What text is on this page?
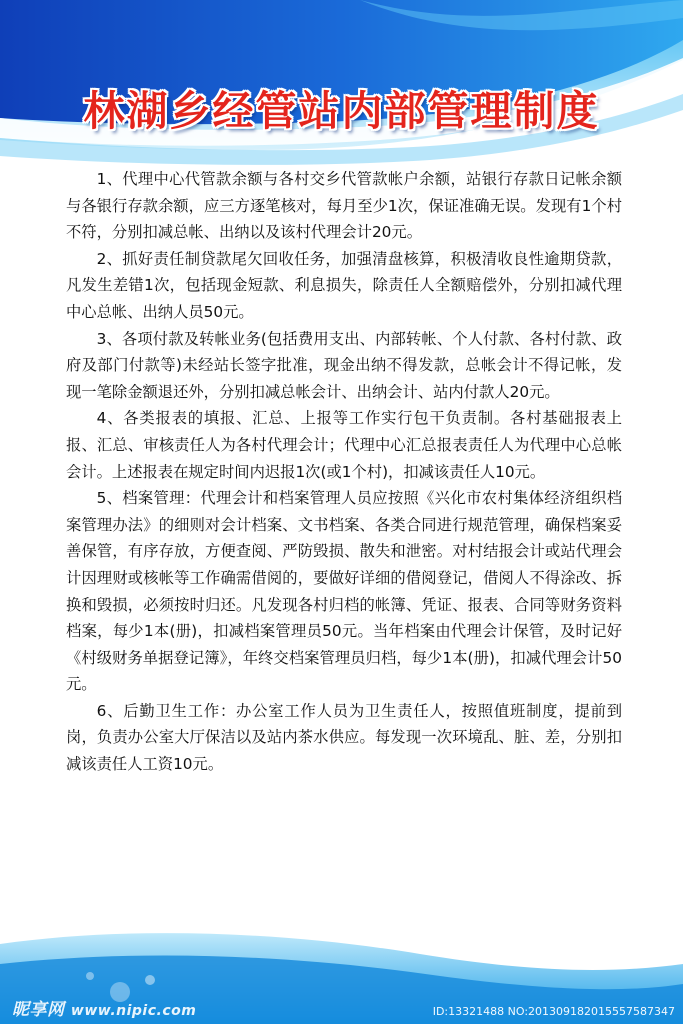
林湖乡经管站内部管理制度

1、代理中心代管款余额与各村交乡代管款帐户余额，站银行存款日记帐余额与各银行存款余额，应三方逐笔核对，每月至少1次，保证准确无误。发现有1个村不符，分别扣减总帐、出纳以及该村代理会计20元。

2、抓好责任制贷款尾欠回收任务，加强清盘核算，积极清收良性逾期贷款，凡发生差错1次，包括现金短款、利息损失，除责任人全额赔偿外，分别扣减代理中心总帐、出纳人员50元。

3、各项付款及转帐业务(包括费用支出、内部转帐、个人付款、各村付款、政府及部门付款等)未经站长签字批准，现金出纳不得发款，总帐会计不得记帐，发现一笔除金额退还外，分别扣减总帐会计、出纳会计、站内付款人20元。

4、各类报表的填报、汇总、上报等工作实行包干负责制。各村基础报表上报、汇总、审核责任人为各村代理会计；代理中心汇总报表责任人为代理中心总帐会计。上述报表在规定时间内迟报1次(或1个村)，扣减该责任人10元。

5、档案管理：代理会计和档案管理人员应按照《兴化市农村集体经济组织档案管理办法》的细则对会计档案、文书档案、各类合同进行规范管理，确保档案妥善保管，有序存放，方便查阅、严防毁损、散失和泄密。对村结报会计或站代理会计因理财或核帐等工作确需借阅的，要做好详细的借阅登记，借阅人不得涂改、拆换和毁损，必须按时归还。凡发现各村归档的帐簿、凭证、报表、合同等财务资料档案，每少1本(册)，扣减档案管理员50元。当年档案由代理会计保管，及时记好《村级财务单据登记簿》，年终交档案管理员归档，每少1本(册)，扣减代理会计50元。

6、后勤卫生工作：办公室工作人员为卫生责任人，按照值班制度，提前到岗，负责办公室大厅保洁以及站内茶水供应。每发现一次环境乱、脏、差，分别扣减该责任人工资10元。

昵享网 www.nipic.com	ID:13321488 NO:20130918201555758734​7
